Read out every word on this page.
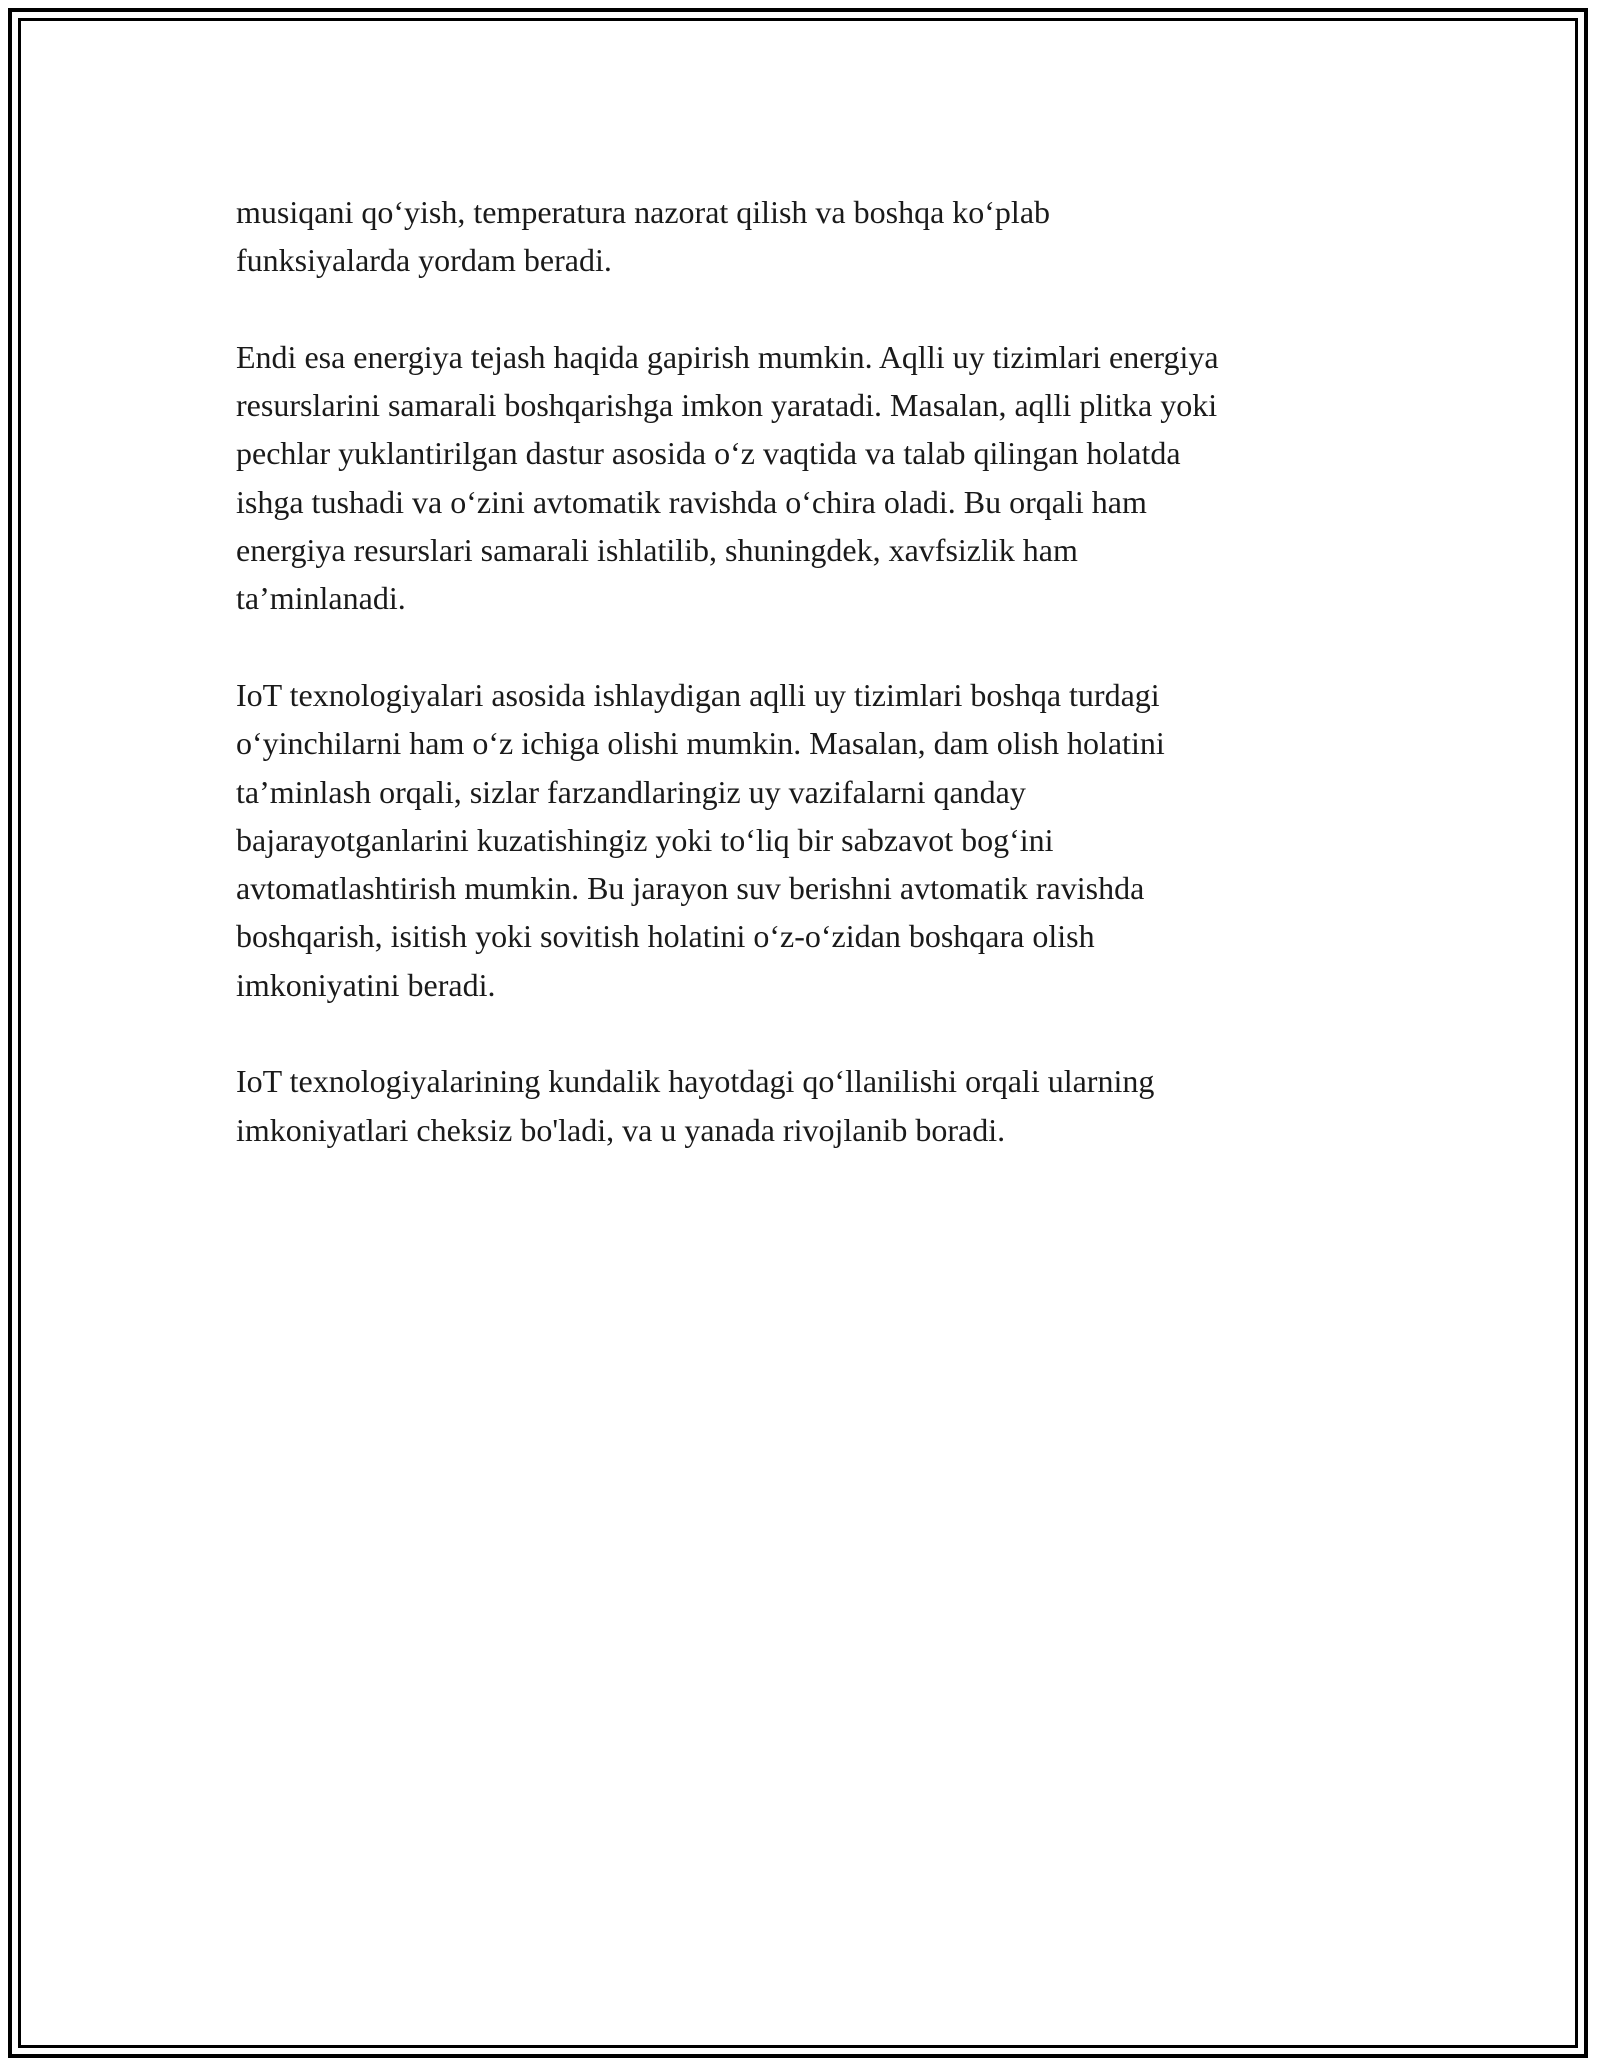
musiqani qo‘yish, temperatura nazorat qilish va boshqa ko‘plab
funksiyalarda yordam beradi.

Endi esa energiya tejash haqida gapirish mumkin. Aqlli uy tizimlari energiya
resurslarini samarali boshqarishga imkon yaratadi. Masalan, aqlli plitka yoki
pechlar yuklantirilgan dastur asosida o‘z vaqtida va talab qilingan holatda
ishga tushadi va o‘zini avtomatik ravishda o‘chira oladi. Bu orqali ham
energiya resurslari samarali ishlatilib, shuningdek, xavfsizlik ham
ta’minlanadi.

IoT texnologiyalari asosida ishlaydigan aqlli uy tizimlari boshqa turdagi
o‘yinchilarni ham o‘z ichiga olishi mumkin. Masalan, dam olish holatini
ta’minlash orqali, sizlar farzandlaringiz uy vazifalarni qanday
bajarayotganlarini kuzatishingiz yoki to‘liq bir sabzavot bog‘ini
avtomatlashtirish mumkin. Bu jarayon suv berishni avtomatik ravishda
boshqarish, isitish yoki sovitish holatini o‘z-o‘zidan boshqara olish
imkoniyatini beradi.

IoT texnologiyalarining kundalik hayotdagi qo‘llanilishi orqali ularning
imkoniyatlari cheksiz bo'ladi, va u yanada rivojlanib boradi.
